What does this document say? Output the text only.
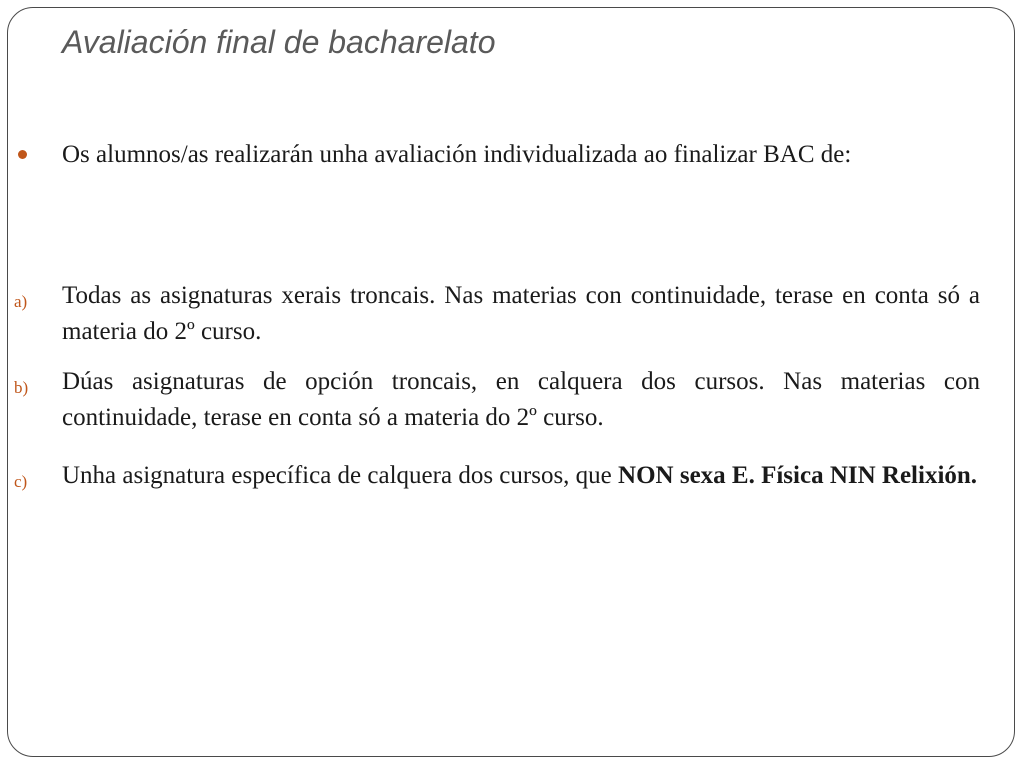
Avaliación final de bacharelato
Os alumnos/as realizarán unha avaliación individualizada ao finalizar BAC de:
a) Todas as asignaturas xerais troncais. Nas materias con continuidade, terase en conta só a materia do 2º curso.
b) Dúas asignaturas de opción troncais, en calquera dos cursos. Nas materias con continuidade, terase en conta só a materia do 2º curso.
c) Unha asignatura específica de calquera dos cursos, que NON sexa E. Física NIN Relixión.
